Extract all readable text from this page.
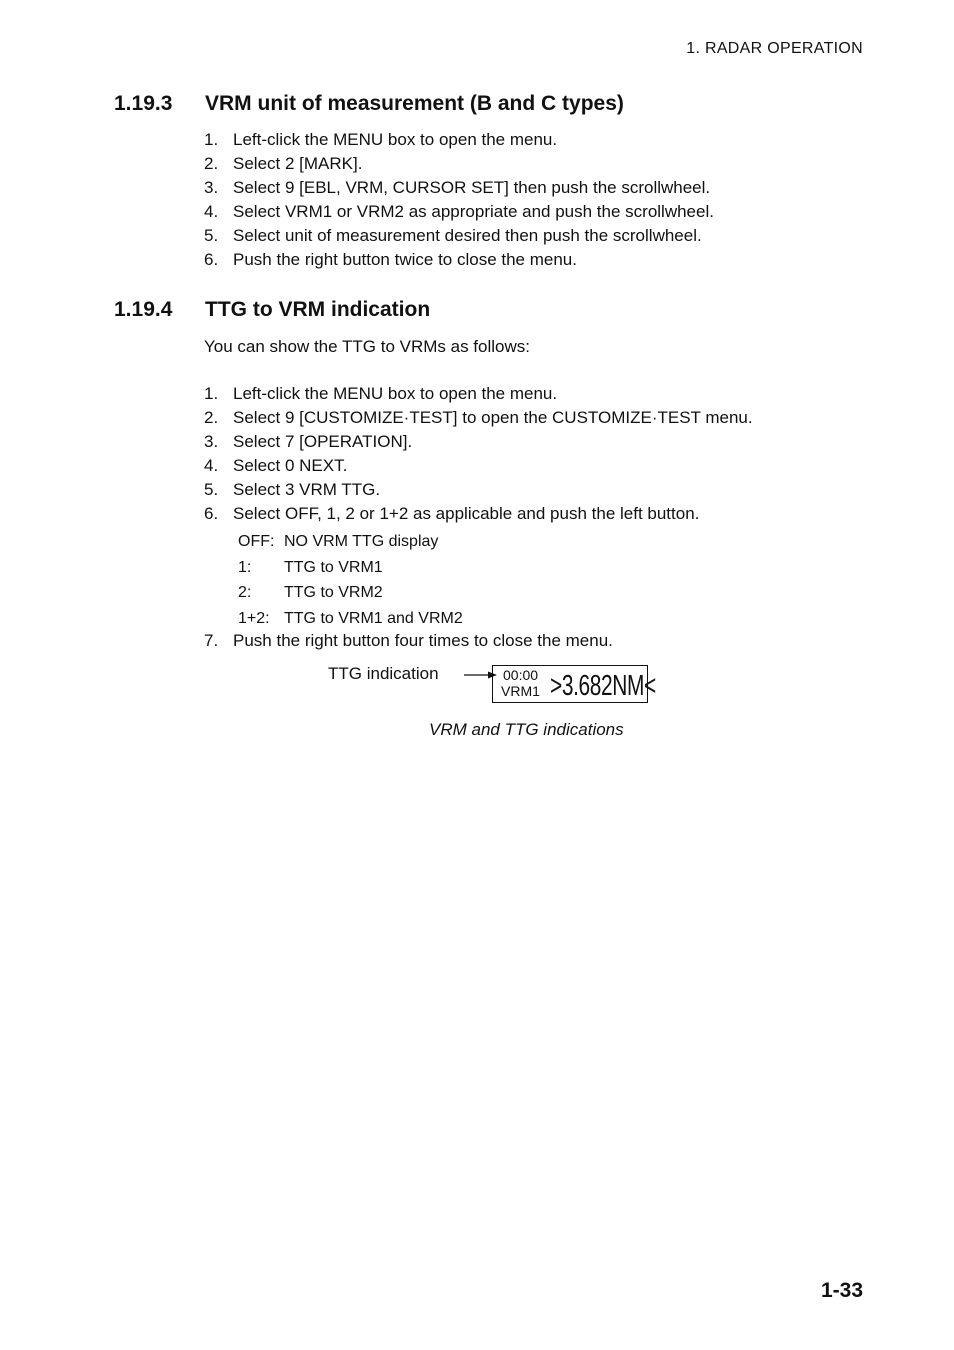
1. RADAR OPERATION
1.19.3 VRM unit of measurement (B and C types)
1. Left-click the MENU box to open the menu.
2. Select 2 [MARK].
3. Select 9 [EBL, VRM, CURSOR SET] then push the scrollwheel.
4. Select VRM1 or VRM2 as appropriate and push the scrollwheel.
5. Select unit of measurement desired then push the scrollwheel.
6. Push the right button twice to close the menu.
1.19.4 TTG to VRM indication
You can show the TTG to VRMs as follows:
1. Left-click the MENU box to open the menu.
2. Select 9 [CUSTOMIZE·TEST] to open the CUSTOMIZE·TEST menu.
3. Select 7 [OPERATION].
4. Select 0 NEXT.
5. Select 3 VRM TTG.
6. Select OFF, 1, 2 or 1+2 as applicable and push the left button.
OFF: NO VRM TTG display
1: TTG to VRM1
2: TTG to VRM2
1+2: TTG to VRM1 and VRM2
7. Push the right button four times to close the menu.
TTG indication	00:00
VRM1 >3.682NM<
VRM and TTG indications
1-33
